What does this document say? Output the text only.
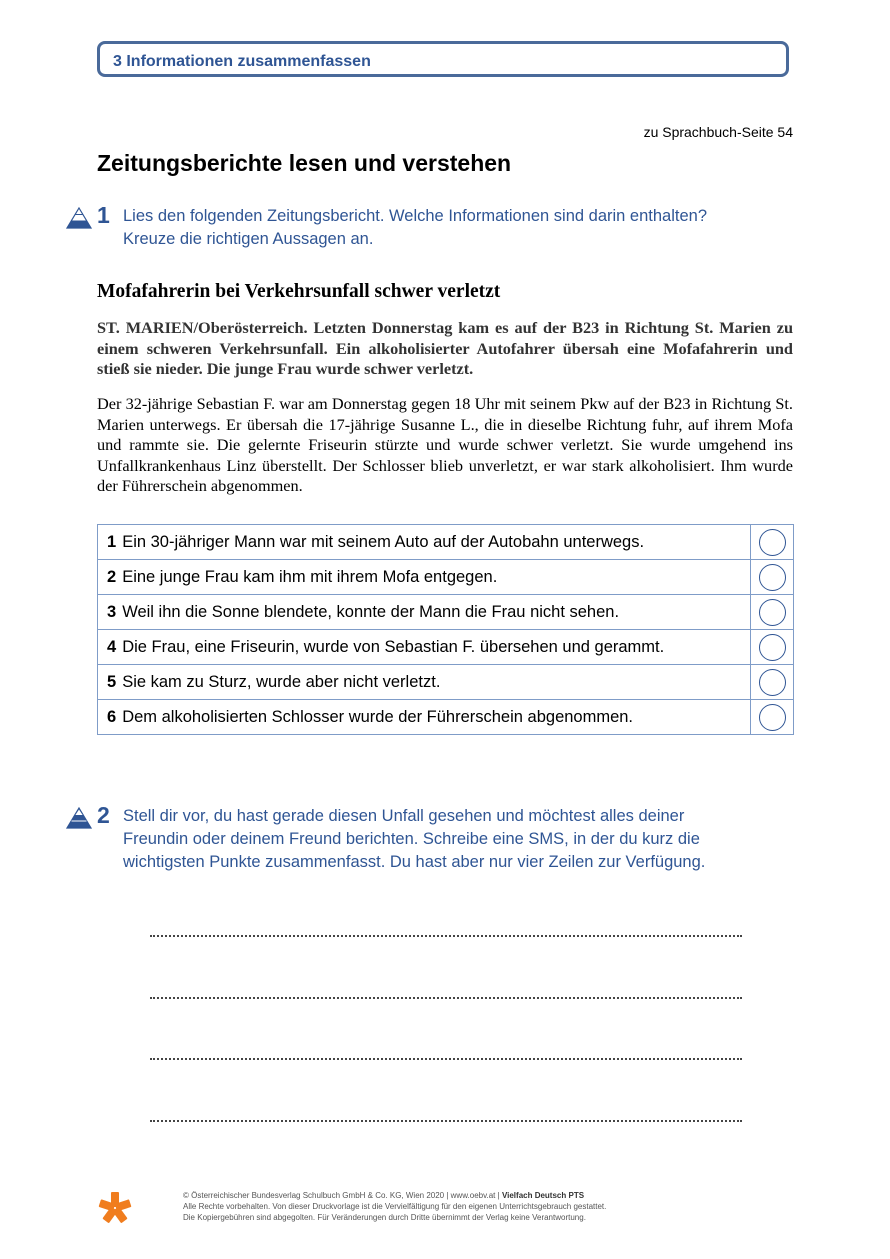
3 Informationen zusammenfassen
zu Sprachbuch-Seite 54
Zeitungsberichte lesen und verstehen
1 Lies den folgenden Zeitungsbericht. Welche Informationen sind darin enthalten?
Kreuze die richtigen Aussagen an.
Mofafahrerin bei Verkehrsunfall schwer verletzt
ST. MARIEN/Oberösterreich. Letzten Donnerstag kam es auf der B23 in Richtung St. Marien zu einem schweren Verkehrsunfall. Ein alkoholisierter Autofahrer übersah eine Mofafahrerin und stieß sie nieder. Die junge Frau wurde schwer verletzt.
Der 32-jährige Sebastian F. war am Donnerstag gegen 18 Uhr mit seinem Pkw auf der B23 in Richtung St. Marien unterwegs. Er übersah die 17-jährige Susanne L., die in dieselbe Richtung fuhr, auf ihrem Mofa und rammte sie. Die gelernte Friseurin stürzte und wurde schwer verletzt. Sie wurde umgehend ins Unfallkrankenhaus Linz überstellt. Der Schlosser blieb unverletzt, er war stark alkoholisiert. Ihm wurde der Führerschein abgenommen.
1 Ein 30-jähriger Mann war mit seinem Auto auf der Autobahn unterwegs.	
2 Eine junge Frau kam ihm mit ihrem Mofa entgegen.	
3 Weil ihn die Sonne blendete, konnte der Mann die Frau nicht sehen.	
4 Die Frau, eine Friseurin, wurde von Sebastian F. übersehen und gerammt.	
5 Sie kam zu Sturz, wurde aber nicht verletzt.	
6 Dem alkoholisierten Schlosser wurde der Führerschein abgenommen.	
2 Stell dir vor, du hast gerade diesen Unfall gesehen und möchtest alles deiner
Freundin oder deinem Freund berichten. Schreibe eine SMS, in der du kurz die
wichtigsten Punkte zusammenfasst. Du hast aber nur vier Zeilen zur Verfügung.
© Österreichischer Bundesverlag Schulbuch GmbH & Co. KG, Wien 2020 | www.oebv.at | Vielfach Deutsch PTS
Alle Rechte vorbehalten. Von dieser Druckvorlage ist die Vervielfältigung für den eigenen Unterrichtsgebrauch gestattet.
Die Kopiergebühren sind abgegolten. Für Veränderungen durch Dritte übernimmt der Verlag keine Verantwortung.
